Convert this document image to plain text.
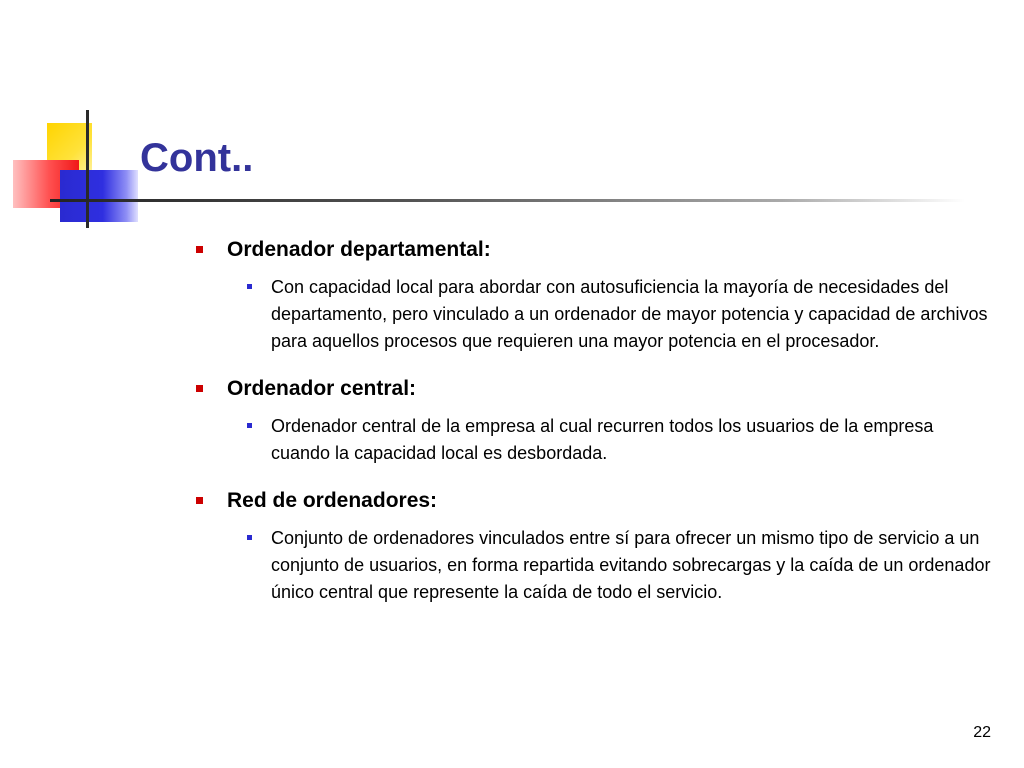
Cont..
Ordenador departamental:
Con capacidad local para abordar con autosuficiencia la mayoría de necesidades del departamento, pero vinculado a un ordenador de mayor potencia y capacidad de archivos para aquellos procesos que requieren una mayor potencia en el procesador.
Ordenador central:
Ordenador central de la empresa al cual recurren todos los usuarios de la empresa cuando la capacidad local es desbordada.
Red de ordenadores:
Conjunto de ordenadores vinculados entre sí para ofrecer un mismo tipo de servicio a un conjunto de usuarios, en forma repartida evitando sobrecargas y la caída de un ordenador único central que represente la caída de todo el servicio.
22
